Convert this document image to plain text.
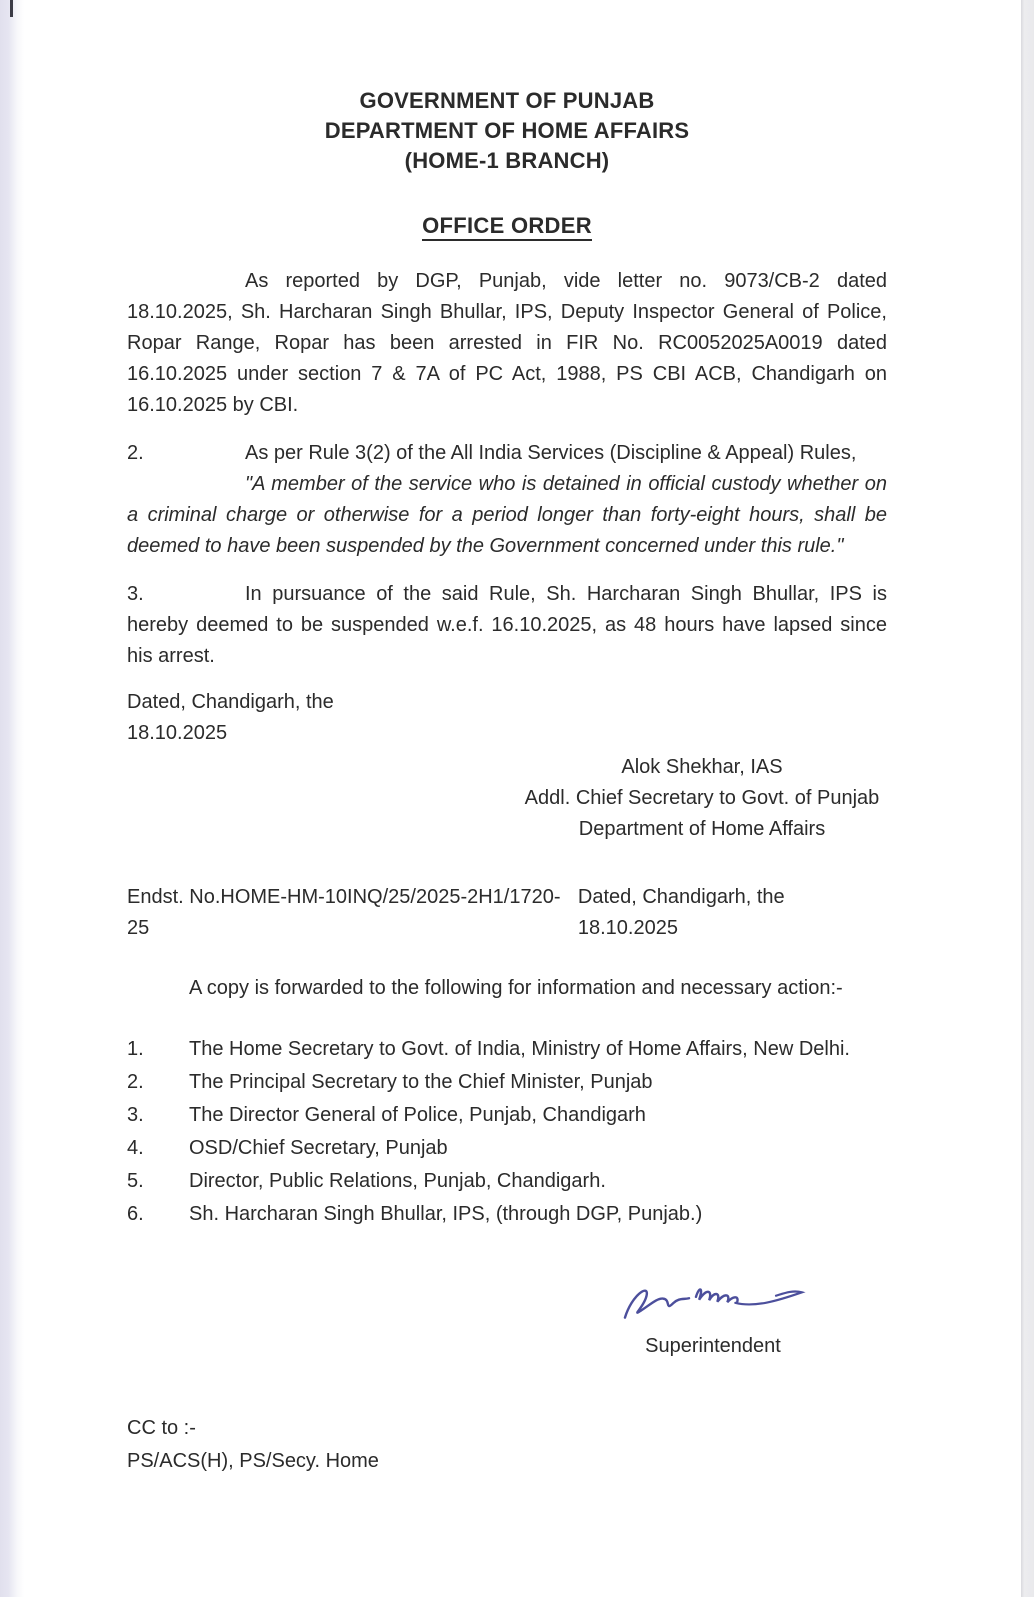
GOVERNMENT OF PUNJAB
DEPARTMENT OF HOME AFFAIRS
(HOME-1 BRANCH)
OFFICE ORDER

As reported by DGP, Punjab, vide letter no. 9073/CB-2 dated 18.10.2025, Sh. Harcharan Singh Bhullar, IPS, Deputy Inspector General of Police, Ropar Range, Ropar has been arrested in FIR No. RC0052025A0019 dated 16.10.2025 under section 7 & 7A of PC Act, 1988, PS CBI ACB, Chandigarh on 16.10.2025 by CBI.

2.	As per Rule 3(2) of the All India Services (Discipline & Appeal) Rules,
"A member of the service who is detained in official custody whether on a criminal charge or otherwise for a period longer than forty-eight hours, shall be deemed to have been suspended by the Government concerned under this rule."
3.	In pursuance of the said Rule, Sh. Harcharan Singh Bhullar, IPS is hereby deemed to be suspended w.e.f. 16.10.2025, as 48 hours have lapsed since his arrest.
Dated, Chandigarh, the
18.10.2025
Alok Shekhar, IAS
Addl. Chief Secretary to Govt. of Punjab
Department of Home Affairs
Endst. No.HOME-HM-10INQ/25/2025-2H1/1720-25
Dated, Chandigarh, the 18.10.2025
A copy is forwarded to the following for information and necessary action:-
1.	The Home Secretary to Govt. of India, Ministry of Home Affairs, New Delhi.
2.	The Principal Secretary to the Chief Minister, Punjab
3.	The Director General of Police, Punjab, Chandigarh
4.	OSD/Chief Secretary, Punjab
5.	Director, Public Relations, Punjab, Chandigarh.
6.	Sh. Harcharan Singh Bhullar, IPS, (through DGP, Punjab.)
Superintendent
CC to :-
PS/ACS(H), PS/Secy. Home
